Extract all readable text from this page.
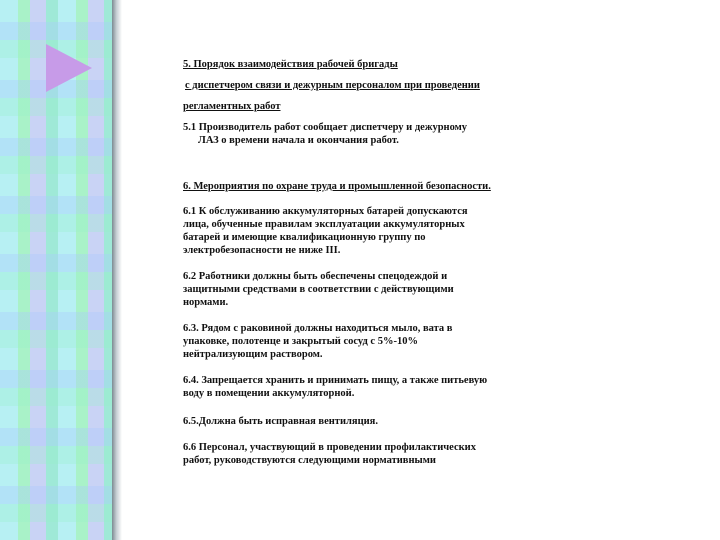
5. Порядок взаимодействия рабочей бригады
с диспетчером связи и дежурным персоналом при проведении
регламентных работ
5.1 Производитель работ сообщает диспетчеру и дежурному
ЛАЗ о времени начала и окончания работ.
6. Мероприятия по охране труда и промышленной безопасности.
6.1 К обслуживанию аккумуляторных батарей допускаются
лица, обученные правилам эксплуатации аккумуляторных
батарей и имеющие квалификационную группу по
электробезопасности не ниже III.
6.2 Работники должны быть обеспечены спецодеждой и
защитными средствами в соответствии с действующими
нормами.
6.3. Рядом с раковиной должны находиться мыло, вата в
упаковке, полотенце и закрытый сосуд с 5%-10%
нейтрализующим раствором.
6.4. Запрещается хранить и принимать пищу, а также питьевую
воду в помещении аккумуляторной.
6.5.Должна быть исправная вентиляция.
6.6 Персонал, участвующий в проведении профилактических
работ, руководствуются следующими нормативными
